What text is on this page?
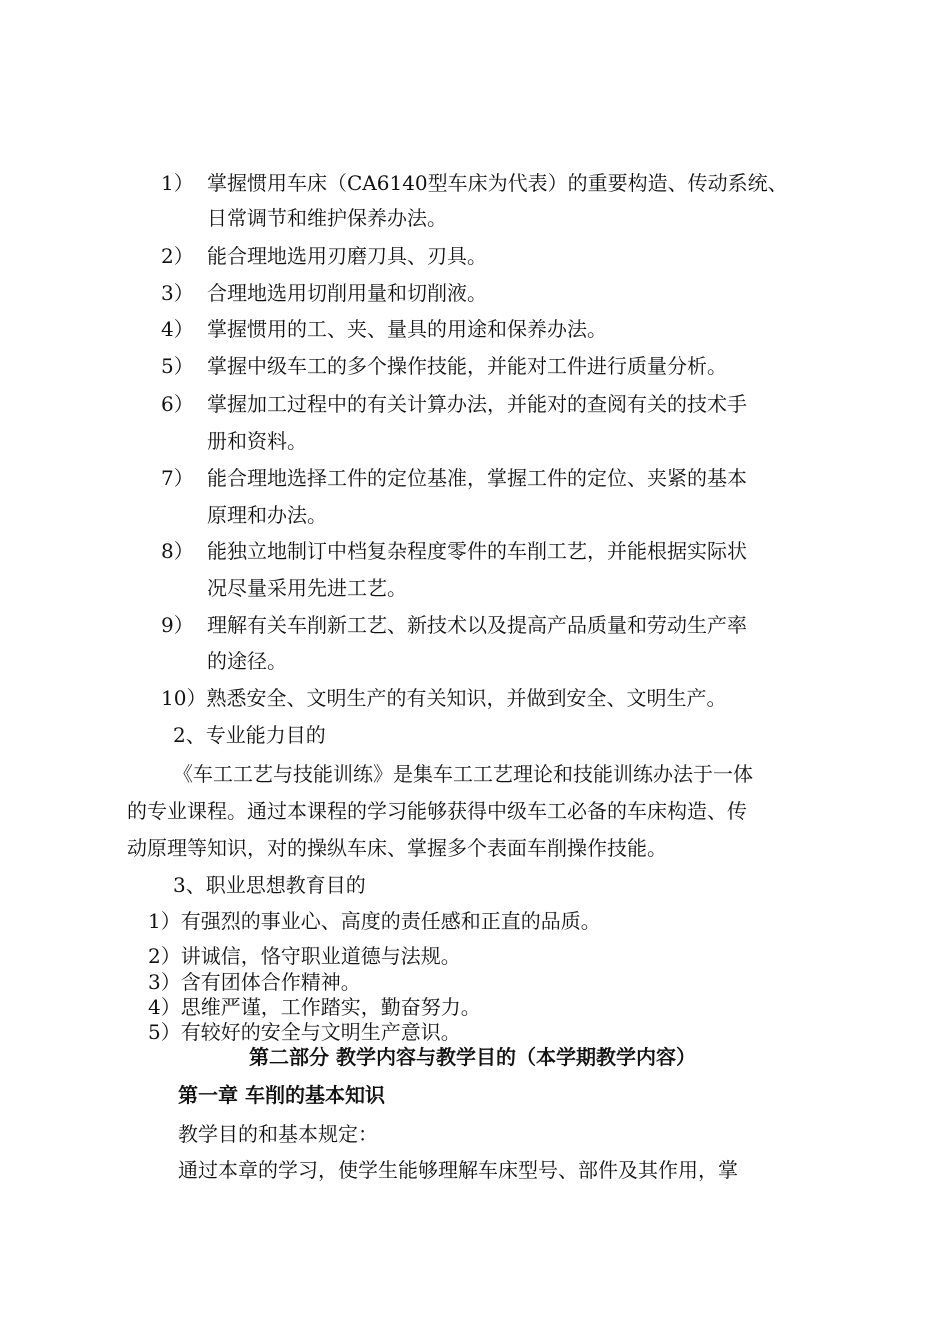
1） 掌握惯用车床（CA6140型车床为代表）的重要构造、传动系统、
日常调节和维护保养办法。
2） 能合理地选用刃磨刀具、刃具。
3） 合理地选用切削用量和切削液。
4） 掌握惯用的工、夹、量具的用途和保养办法。
5） 掌握中级车工的多个操作技能，并能对工件进行质量分析。
6） 掌握加工过程中的有关计算办法，并能对的查阅有关的技术手
册和资料。
7） 能合理地选择工件的定位基准，掌握工件的定位、夹紧的基本
原理和办法。
8） 能独立地制订中档复杂程度零件的车削工艺，并能根据实际状
况尽量采用先进工艺。
9） 理解有关车削新工艺、新技术以及提高产品质量和劳动生产率
的途径。
10）熟悉安全、文明生产的有关知识，并做到安全、文明生产。
2、专业能力目的
《车工工艺与技能训练》是集车工工艺理论和技能训练办法于一体
的专业课程。通过本课程的学习能够获得中级车工必备的车床构造、传
动原理等知识，对的操纵车床、掌握多个表面车削操作技能。
3、职业思想教育目的
1）有强烈的事业心、高度的责任感和正直的品质。
2）讲诚信，恪守职业道德与法规。
3）含有团体合作精神。
4）思维严谨，工作踏实，勤奋努力。
5）有较好的安全与文明生产意识。
第二部分 教学内容与教学目的（本学期教学内容）
第一章 车削的基本知识
教学目的和基本规定：
通过本章的学习，使学生能够理解车床型号、部件及其作用，掌
